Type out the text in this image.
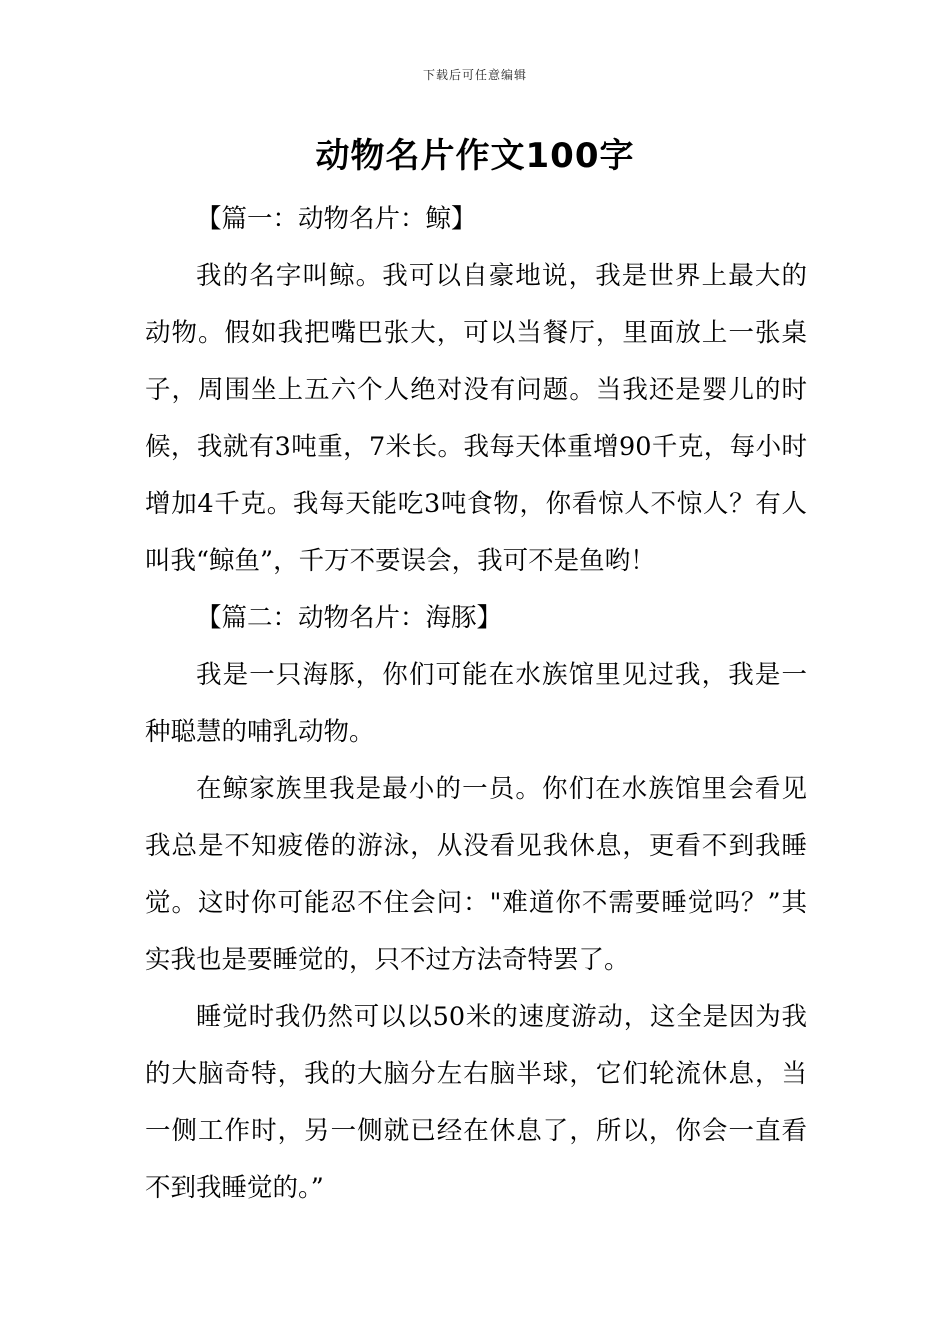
下载后可任意编辑
动物名片作文100字

【篇一：动物名片：鲸】

我的名字叫鲸。我可以自豪地说，我是世界上最大的动物。假如我把嘴巴张大，可以当餐厅，里面放上一张桌子，周围坐上五六个人绝对没有问题。当我还是婴儿的时候，我就有3吨重，7米长。我每天体重增90千克，每小时增加4千克。我每天能吃3吨食物，你看惊人不惊人？有人叫我“鲸鱼”，千万不要误会，我可不是鱼哟！

【篇二：动物名片：海豚】

我是一只海豚，你们可能在水族馆里见过我，我是一种聪慧的哺乳动物。

在鲸家族里我是最小的一员。你们在水族馆里会看见我总是不知疲倦的游泳，从没看见我休息，更看不到我睡觉。这时你可能忍不住会问："难道你不需要睡觉吗？”其实我也是要睡觉的，只不过方法奇特罢了。

睡觉时我仍然可以以50米的速度游动，这全是因为我的大脑奇特，我的大脑分左右脑半球，它们轮流休息，当一侧工作时，另一侧就已经在休息了，所以，你会一直看不到我睡觉的。”
